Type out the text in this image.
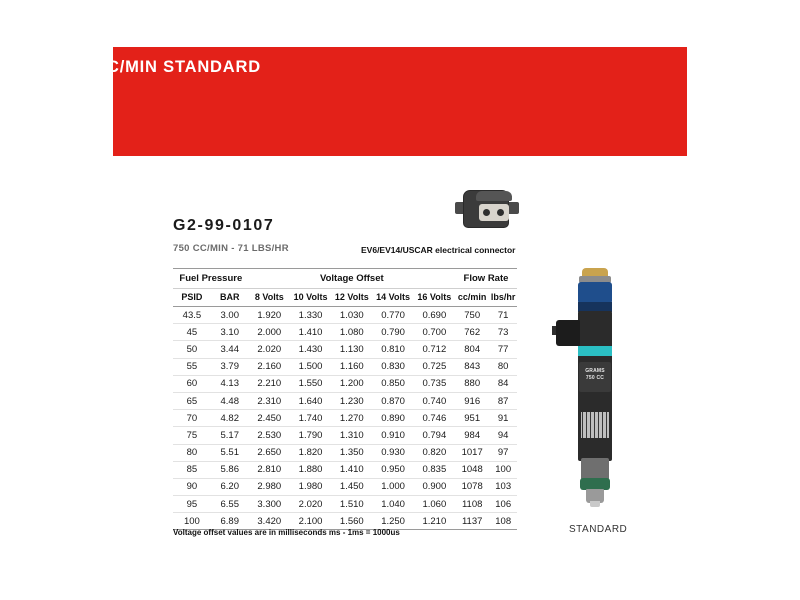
750 CC/MIN STANDARD
G2-99-0107
750 CC/MIN - 71 LBS/HR	EV6/EV14/USCAR electrical connector
Fuel Pressure		Voltage Offset					Flow Rate	
PSID	BAR	8 Volts	10 Volts	12 Volts	14 Volts	16 Volts	cc/min	lbs/hr
43.5	3.00	1.920	1.330	1.030	0.770	0.690	750	71
45	3.10	2.000	1.410	1.080	0.790	0.700	762	73
50	3.44	2.020	1.430	1.130	0.810	0.712	804	77
55	3.79	2.160	1.500	1.160	0.830	0.725	843	80
60	4.13	2.210	1.550	1.200	0.850	0.735	880	84
65	4.48	2.310	1.640	1.230	0.870	0.740	916	87
70	4.82	2.450	1.740	1.270	0.890	0.746	951	91
75	5.17	2.530	1.790	1.310	0.910	0.794	984	94
80	5.51	2.650	1.820	1.350	0.930	0.820	1017	97
85	5.86	2.810	1.880	1.410	0.950	0.835	1048	100
90	6.20	2.980	1.980	1.450	1.000	0.900	1078	103
95	6.55	3.300	2.020	1.510	1.040	1.060	1108	106
100	6.89	3.420	2.100	1.560	1.250	1.210	1137	108
Voltage offset values are in milliseconds ms - 1ms = 1000us
GRAMS
750 CC
STANDARD
